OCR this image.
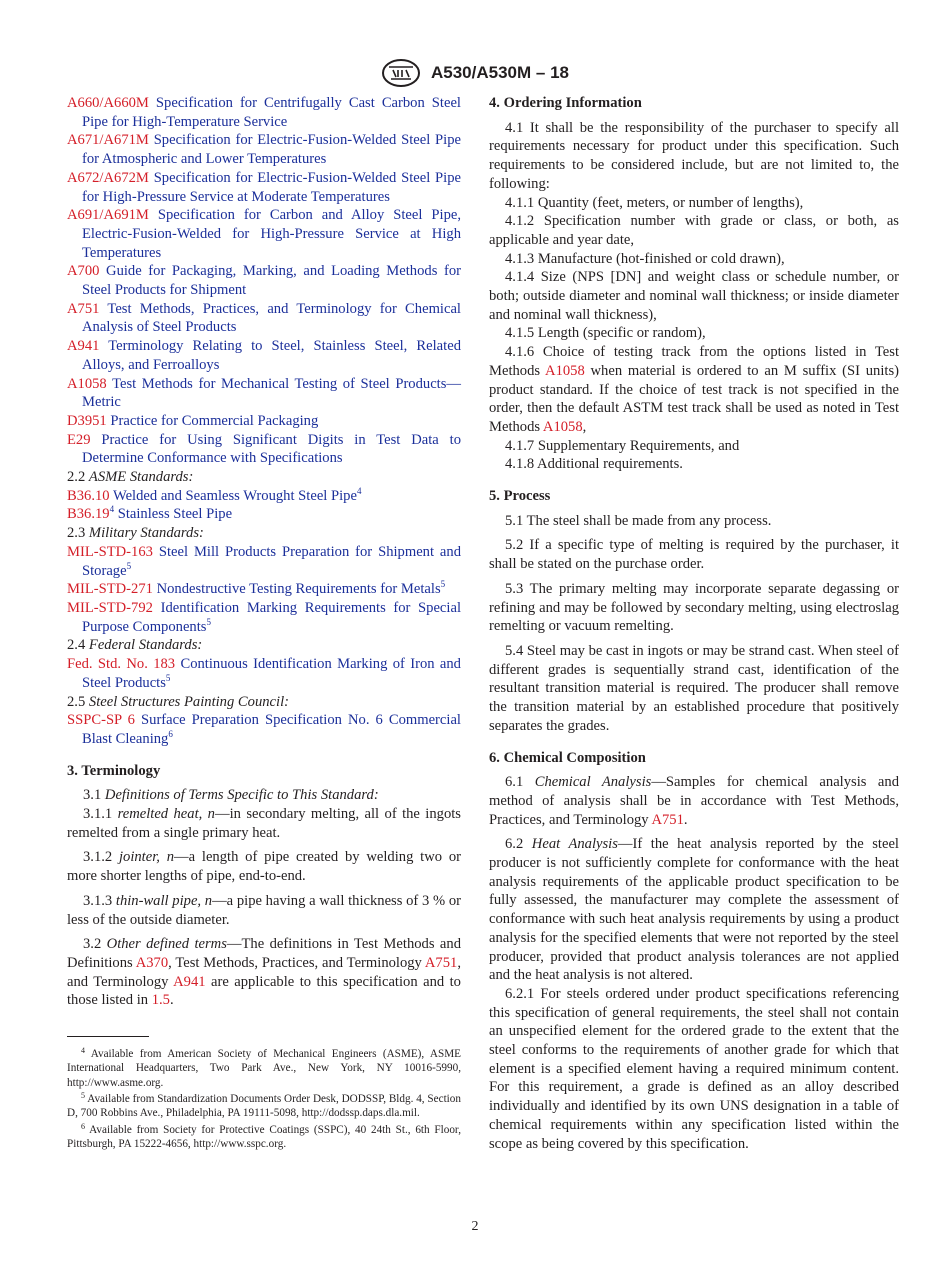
A530/A530M – 18
A660/A660M Specification for Centrifugally Cast Carbon Steel Pipe for High-Temperature Service
A671/A671M Specification for Electric-Fusion-Welded Steel Pipe for Atmospheric and Lower Temperatures
A672/A672M Specification for Electric-Fusion-Welded Steel Pipe for High-Pressure Service at Moderate Temperatures
A691/A691M Specification for Carbon and Alloy Steel Pipe, Electric-Fusion-Welded for High-Pressure Service at High Temperatures
A700 Guide for Packaging, Marking, and Loading Methods for Steel Products for Shipment
A751 Test Methods, Practices, and Terminology for Chemical Analysis of Steel Products
A941 Terminology Relating to Steel, Stainless Steel, Related Alloys, and Ferroalloys
A1058 Test Methods for Mechanical Testing of Steel Products—Metric
D3951 Practice for Commercial Packaging
E29 Practice for Using Significant Digits in Test Data to Determine Conformance with Specifications
2.2 ASME Standards:
B36.10 Welded and Seamless Wrought Steel Pipe$^4$
B36.19$^4$ Stainless Steel Pipe
2.3 Military Standards:
MIL-STD-163 Steel Mill Products Preparation for Shipment and Storage$^5$
MIL-STD-271 Nondestructive Testing Requirements for Metals$^5$
MIL-STD-792 Identification Marking Requirements for Special Purpose Components$^5$
2.4 Federal Standards:
Fed. Std. No. 183 Continuous Identification Marking of Iron and Steel Products$^5$
2.5 Steel Structures Painting Council:
SSPC-SP 6 Surface Preparation Specification No. 6 Commercial Blast Cleaning$^6$
3. Terminology
3.1 Definitions of Terms Specific to This Standard:
3.1.1 remelted heat, n—in secondary melting, all of the ingots remelted from a single primary heat.
3.1.2 jointer, n—a length of pipe created by welding two or more shorter lengths of pipe, end-to-end.
3.1.3 thin-wall pipe, n—a pipe having a wall thickness of 3 % or less of the outside diameter.
3.2 Other defined terms—The definitions in Test Methods and Definitions A370, Test Methods, Practices, and Terminology A751, and Terminology A941 are applicable to this specification and to those listed in 1.5.
$^4$ Available from American Society of Mechanical Engineers (ASME), ASME International Headquarters, Two Park Ave., New York, NY 10016-5990, http://www.asme.org.
$^5$ Available from Standardization Documents Order Desk, DODSSP, Bldg. 4, Section D, 700 Robbins Ave., Philadelphia, PA 19111-5098, http://dodssp.daps.dla.mil.
$^6$ Available from Society for Protective Coatings (SSPC), 40 24th St., 6th Floor, Pittsburgh, PA 15222-4656, http://www.sspc.org.
4. Ordering Information
4.1 It shall be the responsibility of the purchaser to specify all requirements necessary for product under this specification. Such requirements to be considered include, but are not limited to, the following:
4.1.1 Quantity (feet, meters, or number of lengths),
4.1.2 Specification number with grade or class, or both, as applicable and year date,
4.1.3 Manufacture (hot-finished or cold drawn),
4.1.4 Size (NPS [DN] and weight class or schedule number, or both; outside diameter and nominal wall thickness; or inside diameter and nominal wall thickness),
4.1.5 Length (specific or random),
4.1.6 Choice of testing track from the options listed in Test Methods A1058 when material is ordered to an M suffix (SI units) product standard. If the choice of test track is not specified in the order, then the default ASTM test track shall be used as noted in Test Methods A1058,
4.1.7 Supplementary Requirements, and
4.1.8 Additional requirements.
5. Process
5.1 The steel shall be made from any process.
5.2 If a specific type of melting is required by the purchaser, it shall be stated on the purchase order.
5.3 The primary melting may incorporate separate degassing or refining and may be followed by secondary melting, using electroslag remelting or vacuum remelting.
5.4 Steel may be cast in ingots or may be strand cast. When steel of different grades is sequentially strand cast, identification of the resultant transition material is required. The producer shall remove the transition material by an established procedure that positively separates the grades.
6. Chemical Composition
6.1 Chemical Analysis—Samples for chemical analysis and method of analysis shall be in accordance with Test Methods, Practices, and Terminology A751.
6.2 Heat Analysis—If the heat analysis reported by the steel producer is not sufficiently complete for conformance with the heat analysis requirements of the applicable product specification to be fully assessed, the manufacturer may complete the assessment of conformance with such heat analysis requirements by using a product analysis for the specified elements that were not reported by the steel producer, provided that product analysis tolerances are not applied and the heat analysis is not altered.
6.2.1 For steels ordered under product specifications referencing this specification of general requirements, the steel shall not contain an unspecified element for the ordered grade to the extent that the steel conforms to the requirements of another grade for which that element is a specified element having a required minimum content. For this requirement, a grade is defined as an alloy described individually and identified by its own UNS designation in a table of chemical requirements within any specification listed within the scope as being covered by this specification.
2
